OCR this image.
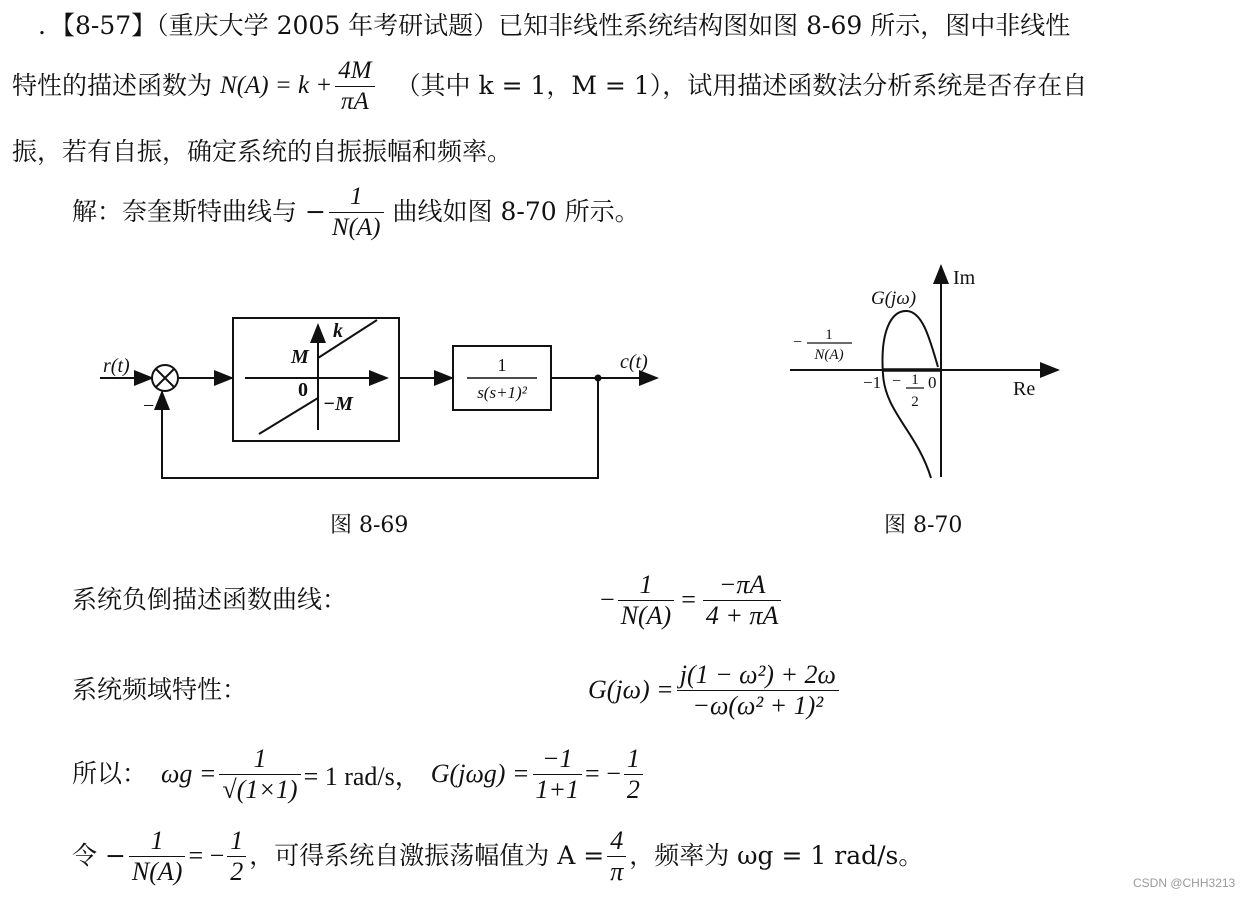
. 【8-57】（重庆大学 2005 年考研试题）已知非线性系统结构图如图 8-69 所示，图中非线性
特性的描述函数为 $N(A) = k + \frac{4M}{\pi A}$ （其中 k = 1，M = 1），试用描述函数法分析系统是否存在自
振，若有自振，确定系统的自振振幅和频率。
解：奈奎斯特曲线与 − $\frac{1}{N(A)}$ 曲线如图 8-70 所示。
r(t)
−
k
M
0
−M
1
s(s+1)²
c(t)
图 8-69
Im
Re
G(jω)
− 1
N(A)
−1 − 1
2
0
图 8-70
系统负倒描述函数曲线：	− $\frac{1}{N(A)} = \frac{-\pi A}{4 + \pi A}$
系统频域特性：	$G(j\omega) = \frac{\text{j(1 − ω²) + 2ω}}{\text{−ω(ω² + 1)²}}$
所以： $\omega g = \frac{1}{√(1\times 1)} = 1$ rad/s， $G(j\omega g) = \frac{-1}{1+1}$ = − $\frac{1}{2}$
令 − $\frac{1}{N(A)}$ = − $\frac{1}{2}$ ，可得系统自激振荡幅值为 $A = \frac{4}{\pi}$ ，频率为 ωg = 1 rad/s。
CSDN @CHH3213
